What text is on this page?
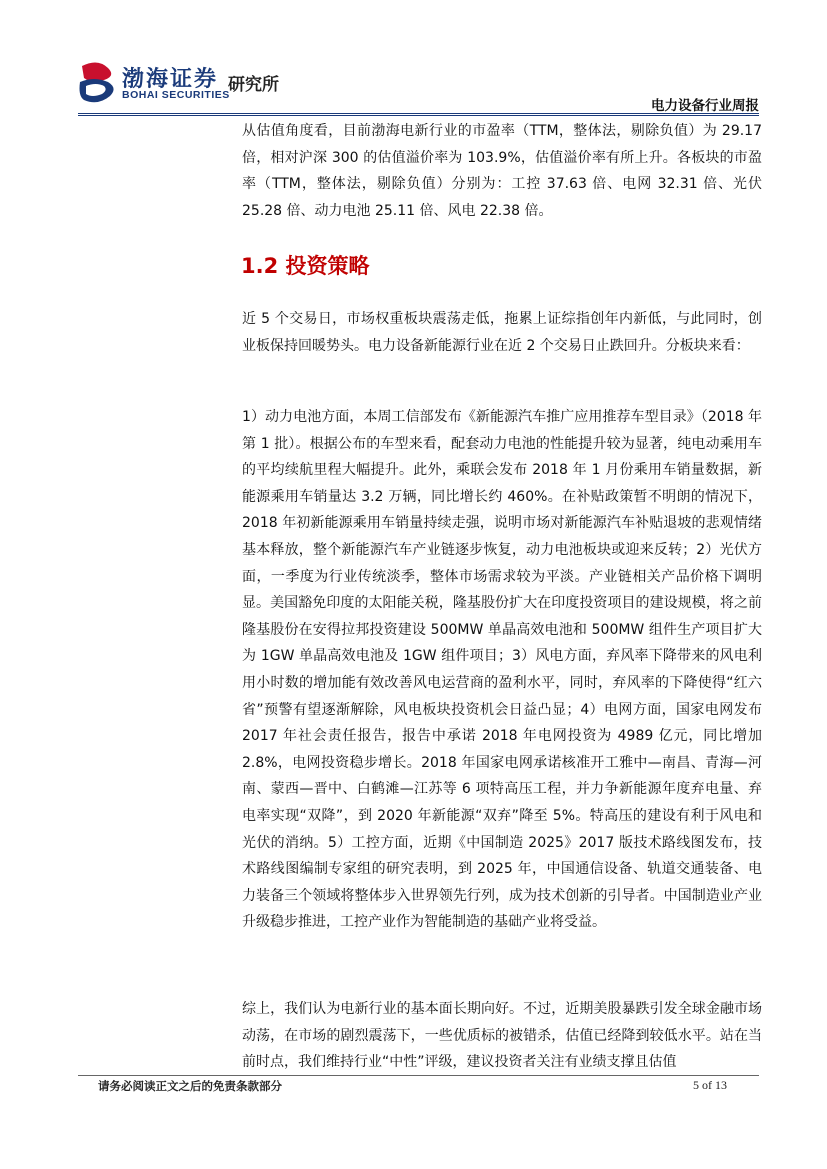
渤海证券
BOHAI SECURITIES
研究所
电力设备行业周报

从估值角度看，目前渤海电新行业的市盈率（TTM，整体法，剔除负值）为 29.17 倍，相对沪深 300 的估值溢价率为 103.9%，估值溢价率有所上升。各板块的市盈率（TTM，整体法，剔除负值）分别为：工控 37.63 倍、电网 32.31 倍、光伏 25.28 倍、动力电池 25.11 倍、风电 22.38 倍。

1.2 投资策略

近 5 个交易日，市场权重板块震荡走低，拖累上证综指创年内新低，与此同时，创业板保持回暖势头。电力设备新能源行业在近 2 个交易日止跌回升。分板块来看：

1）动力电池方面，本周工信部发布《新能源汽车推广应用推荐车型目录》（2018 年第 1 批）。根据公布的车型来看，配套动力电池的性能提升较为显著，纯电动乘用车的平均续航里程大幅提升。此外，乘联会发布 2018 年 1 月份乘用车销量数据，新能源乘用车销量达 3.2 万辆，同比增长约 460%。在补贴政策暂不明朗的情况下，2018 年初新能源乘用车销量持续走强，说明市场对新能源汽车补贴退坡的悲观情绪基本释放，整个新能源汽车产业链逐步恢复，动力电池板块或迎来反转；2）光伏方面，一季度为行业传统淡季，整体市场需求较为平淡。产业链相关产品价格下调明显。美国豁免印度的太阳能关税，隆基股份扩大在印度投资项目的建设规模，将之前隆基股份在安得拉邦投资建设 500MW 单晶高效电池和 500MW 组件生产项目扩大为 1GW 单晶高效电池及 1GW 组件项目；3）风电方面，弃风率下降带来的风电利用小时数的增加能有效改善风电运营商的盈利水平，同时，弃风率的下降使得“红六省”预警有望逐渐解除，风电板块投资机会日益凸显；4）电网方面，国家电网发布 2017 年社会责任报告，报告中承诺 2018 年电网投资为 4989 亿元，同比增加 2.8%，电网投资稳步增长。2018 年国家电网承诺核准开工雅中—南昌、青海—河南、蒙西—晋中、白鹤滩—江苏等 6 项特高压工程，并力争新能源年度弃电量、弃电率实现“双降”，到 2020 年新能源“双弃”降至 5%。特高压的建设有利于风电和光伏的消纳。5）工控方面，近期《中国制造 2025》2017 版技术路线图发布，技术路线图编制专家组的研究表明，到 2025 年，中国通信设备、轨道交通装备、电力装备三个领域将整体步入世界领先行列，成为技术创新的引导者。中国制造业产业升级稳步推进，工控产业作为智能制造的基础产业将受益。

综上，我们认为电新行业的基本面长期向好。不过，近期美股暴跌引发全球金融市场动荡，在市场的剧烈震荡下，一些优质标的被错杀，估值已经降到较低水平。站在当前时点，我们维持行业“中性”评级，建议投资者关注有业绩支撑且估值

请务必阅读正文之后的免责条款部分	5 of 13
